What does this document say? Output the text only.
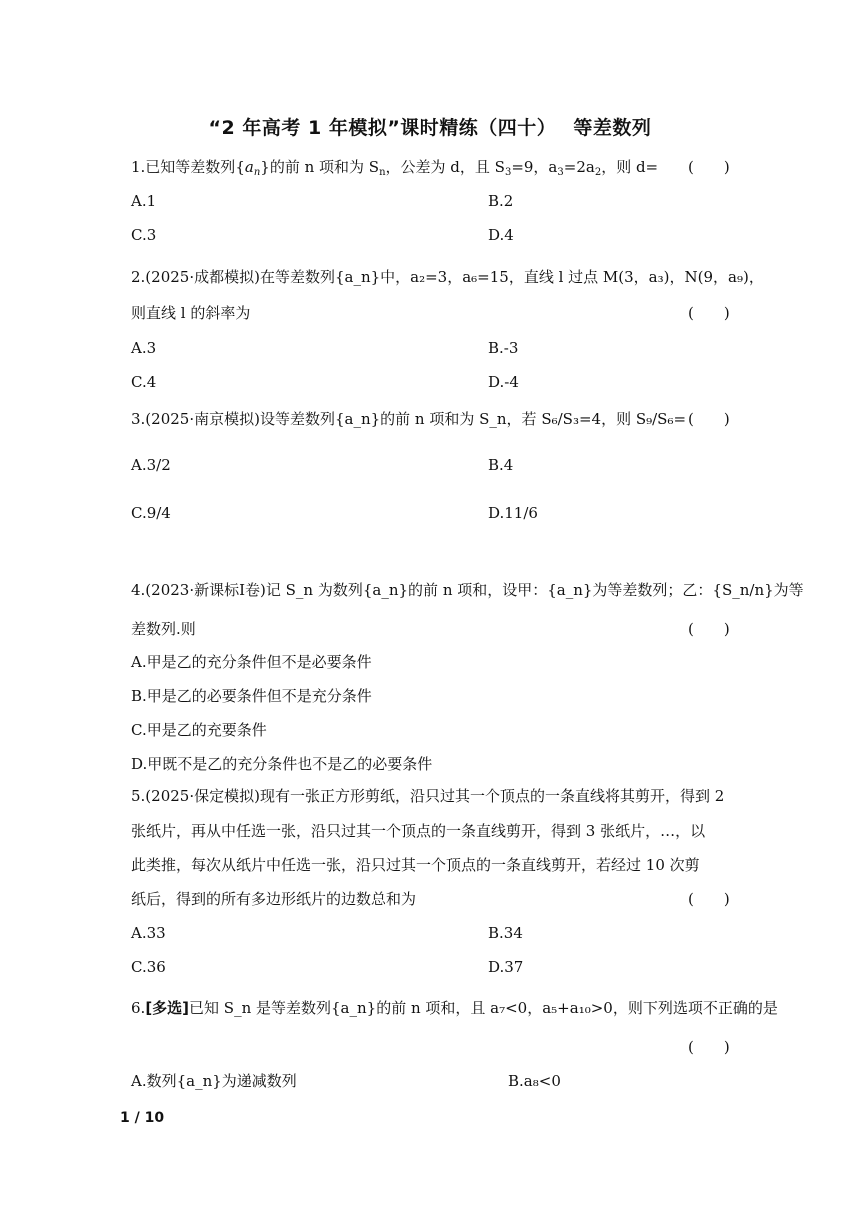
“2 年高考 1 年模拟”课时精练（四十）　 等差数列
1.已知等差数列$\{a_n\}$的前 n 项和为 $S_n$，公差为 d，且 $S_3=9$，$a_3=2a_2$，则 d= (　　)
A.1	B.2
C.3	D.4
2.(2025·成都模拟)在等差数列{a_n}中，a₂=3，a₆=15，直线 l 过点 M(3，a₃)，N(9，a₉)，
则直线 l 的斜率为	(　　)
A.3	B.-3
C.4	D.-4
3.(2025·南京模拟)设等差数列{a_n}的前 n 项和为 S_n，若 S₆/S₃=4，则 S₉/S₆= (　　)
A.3/2	B.4
C.9/4	D.11/6
4.(2023·新课标Ⅰ卷)记 S_n 为数列{a_n}的前 n 项和，设甲：{a_n}为等差数列；乙：{S_n/n}为等
差数列.则	(　　)
A.甲是乙的充分条件但不是必要条件
B.甲是乙的必要条件但不是充分条件
C.甲是乙的充要条件
D.甲既不是乙的充分条件也不是乙的必要条件
5.(2025·保定模拟)现有一张正方形剪纸，沿只过其一个顶点的一条直线将其剪开，得到 2
张纸片，再从中任选一张，沿只过其一个顶点的一条直线剪开，得到 3 张纸片，…，以
此类推，每次从纸片中任选一张，沿只过其一个顶点的一条直线剪开，若经过 10 次剪
纸后，得到的所有多边形纸片的边数总和为	(　　)
A.33	B.34
C.36	D.37
6.[多选]已知 S_n 是等差数列{a_n}的前 n 项和，且 a₇<0，a₅+a₁₀>0，则下列选项不正确的是
(　　)
A.数列{a_n}为递减数列	B.a₈<0
1 / 10
